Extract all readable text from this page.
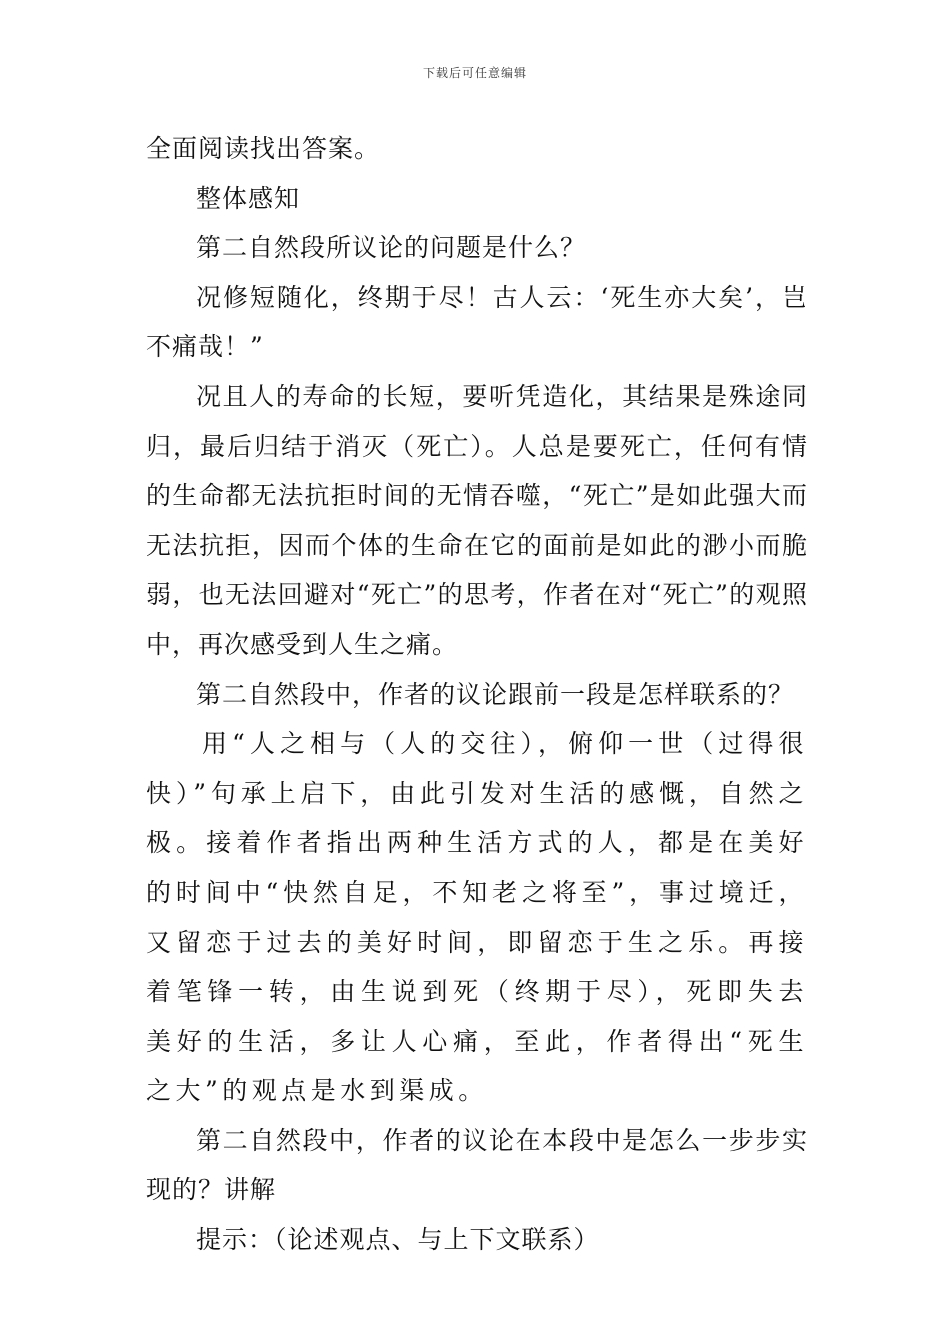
下载后可任意编辑

全面阅读找出答案。

整体感知

第二自然段所议论的问题是什么？

况修短随化，终期于尽！古人云：‘死生亦大矣’，岂不痛哉！”

况且人的寿命的长短，要听凭造化，其结果是殊途同归，最后归结于消灭（死亡）。人总是要死亡，任何有情的生命都无法抗拒时间的无情吞噬，“死亡”是如此强大而无法抗拒，因而个体的生命在它的面前是如此的渺小而脆弱，也无法回避对“死亡”的思考，作者在对“死亡”的观照中，再次感受到人生之痛。

第二自然段中，作者的议论跟前一段是怎样联系的？

用“人之相与（人的交往），俯仰一世（过得很快）”句承上启下，由此引发对生活的感慨，自然之极。接着作者指出两种生活方式的人，都是在美好的时间中“快然自足，不知老之将至”，事过境迁，又留恋于过去的美好时间，即留恋于生之乐。再接着笔锋一转，由生说到死（终期于尽），死即失去美好的生活，多让人心痛，至此，作者得出“死生之大”的观点是水到渠成。

第二自然段中，作者的议论在本段中是怎么一步步实现的？讲解

提示：（论述观点、与上下文联系）
